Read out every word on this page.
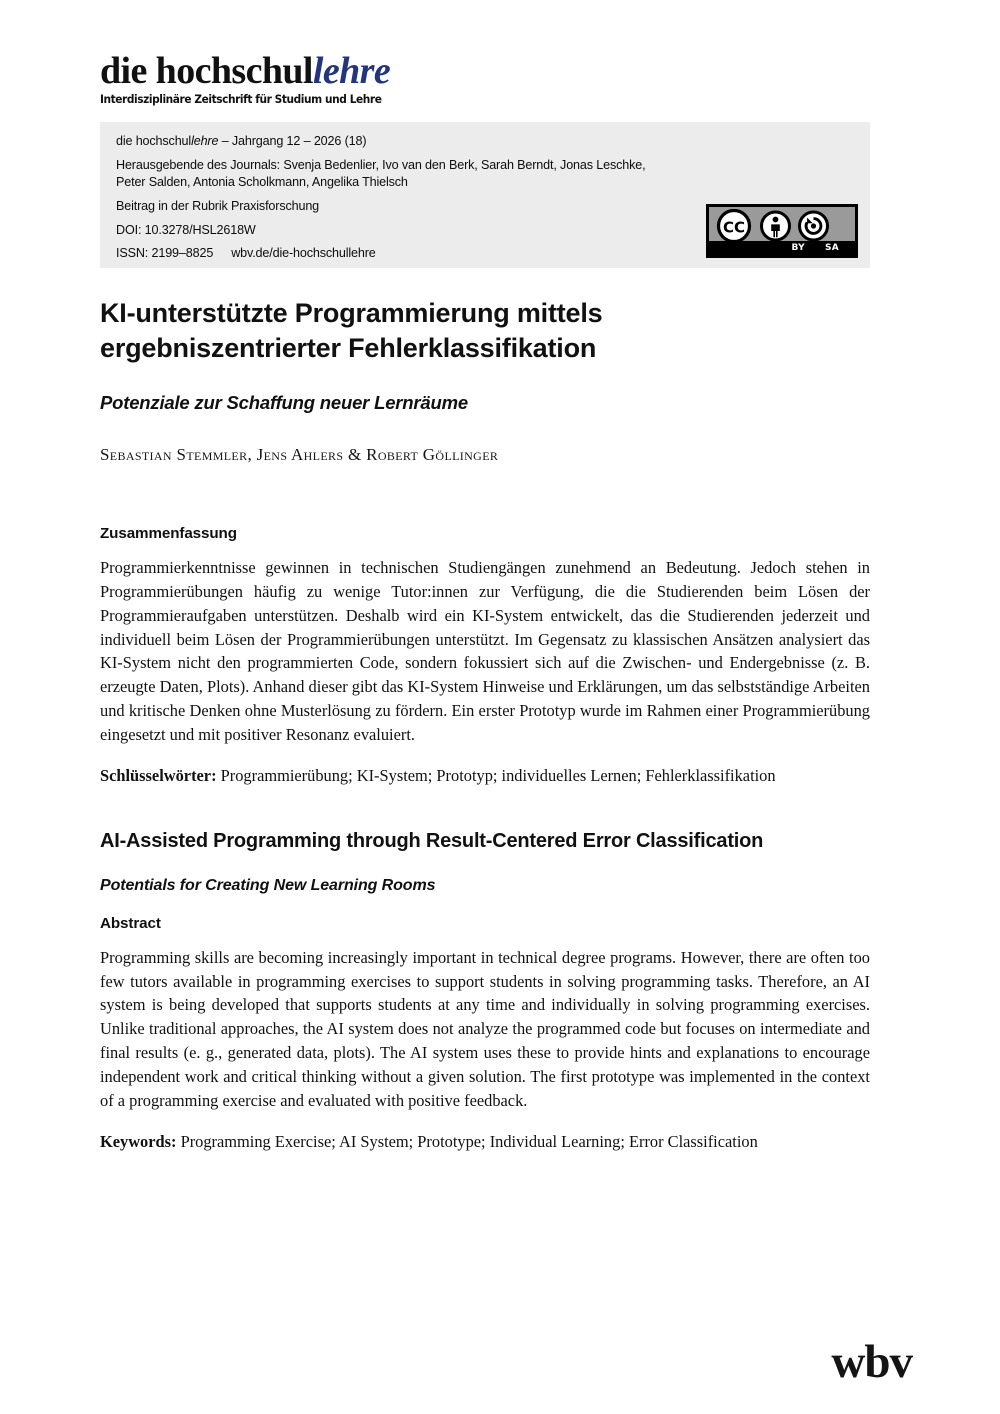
die hochschullehre
Interdisziplinäre Zeitschrift für Studium und Lehre
die hochschullehre – Jahrgang 12 – 2026 (18)
Herausgebende des Journals: Svenja Bedenlier, Ivo van den Berk, Sarah Berndt, Jonas Leschke,
Peter Salden, Antonia Scholkmann, Angelika Thielsch
Beitrag in der Rubrik Praxisforschung
DOI: 10.3278/HSL2618W
ISSN: 2199–8825 wbv.de/die-hochschullehre
CC
BY SA
KI-unterstützte Programmierung mittels ergebniszentrierter Fehlerklassifikation
Potenziale zur Schaffung neuer Lernräume
Sebastian Stemmler, Jens Ahlers & Robert Göllinger
Zusammenfassung

Programmierkenntnisse gewinnen in technischen Studiengängen zunehmend an Bedeutung. Jedoch stehen in Programmierübungen häufig zu wenige Tutor:innen zur Verfügung, die die Studierenden beim Lösen der Programmieraufgaben unterstützen. Deshalb wird ein KI-System entwickelt, das die Studierenden jederzeit und individuell beim Lösen der Programmierübungen unterstützt. Im Gegensatz zu klassischen Ansätzen analysiert das KI-System nicht den programmierten Code, sondern fokussiert sich auf die Zwischen- und Endergebnisse (z. B. erzeugte Daten, Plots). Anhand dieser gibt das KI-System Hinweise und Erklärungen, um das selbstständige Arbeiten und kritische Denken ohne Musterlösung zu fördern. Ein erster Prototyp wurde im Rahmen einer Programmierübung eingesetzt und mit positiver Resonanz evaluiert.

Schlüsselwörter: Programmierübung; KI-System; Prototyp; individuelles Lernen; Fehlerklassifikation

AI-Assisted Programming through Result-Centered Error Classification
Potentials for Creating New Learning Rooms
Abstract

Programming skills are becoming increasingly important in technical degree programs. However, there are often too few tutors available in programming exercises to support students in solving programming tasks. Therefore, an AI system is being developed that supports students at any time and individually in solving programming exercises. Unlike traditional approaches, the AI system does not analyze the programmed code but focuses on intermediate and final results (e. g., generated data, plots). The AI system uses these to provide hints and explanations to encourage independent work and critical thinking without a given solution. The first prototype was implemented in the context of a programming exercise and evaluated with positive feedback.

Keywords: Programming Exercise; AI System; Prototype; Individual Learning; Error Classification

wbv
